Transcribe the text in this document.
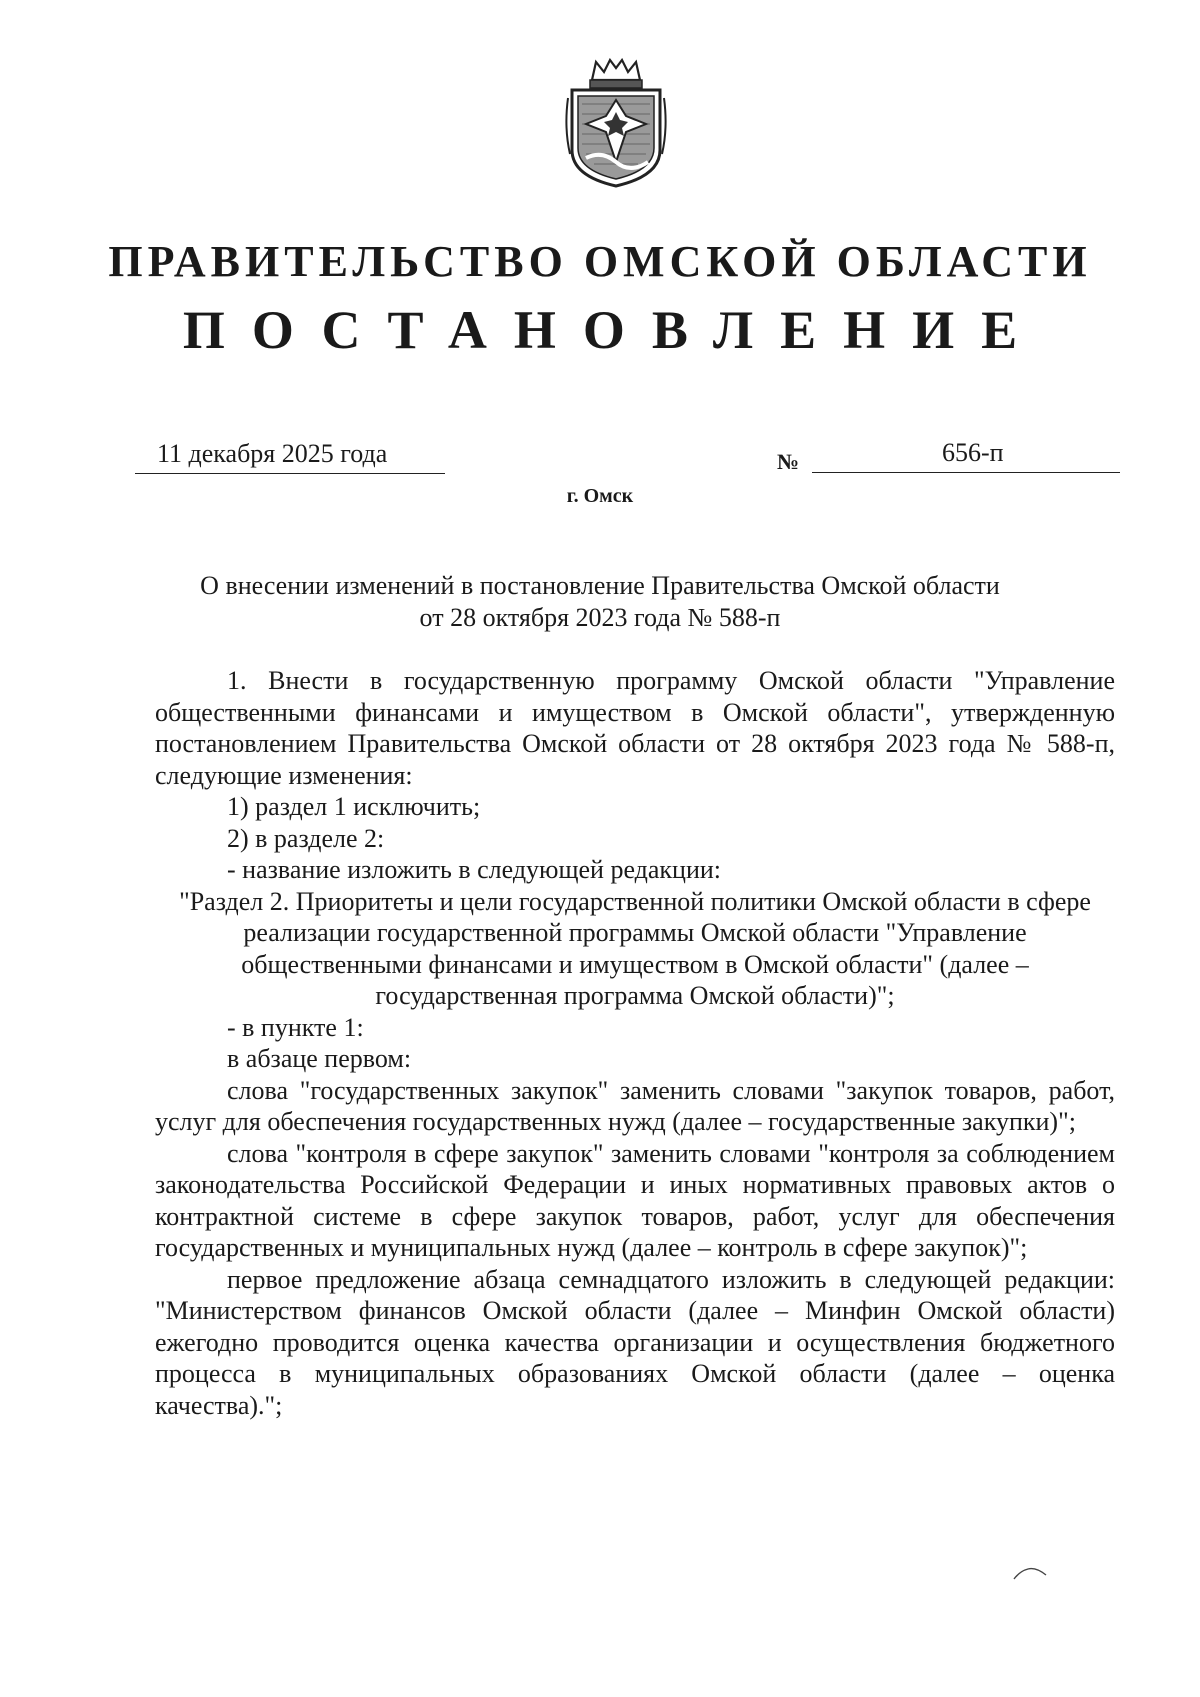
ПРАВИТЕЛЬСТВО ОМСКОЙ ОБЛАСТИ
ПОСТАНОВЛЕНИЕ
11 декабря 2025 года	№	656-п
г. Омск
О внесении изменений в постановление Правительства Омской области
от 28 октября 2023 года № 588-п

1. Внести в государственную программу Омской области "Управление общественными финансами и имуществом в Омской области", утвержденную постановлением Правительства Омской области от 28 октября 2023 года № 588-п, следующие изменения:

1) раздел 1 исключить;

2) в разделе 2:

- название изложить в следующей редакции:

"Раздел 2. Приоритеты и цели государственной политики Омской области в сфере реализации государственной программы Омской области "Управление общественными финансами и имуществом в Омской области" (далее – государственная программа Омской области)";

- в пункте 1:

в абзаце первом:

слова "государственных закупок" заменить словами "закупок товаров, работ, услуг для обеспечения государственных нужд (далее – государственные закупки)";

слова "контроля в сфере закупок" заменить словами "контроля за соблюдением законодательства Российской Федерации и иных нормативных правовых актов о контрактной системе в сфере закупок товаров, работ, услуг для обеспечения государственных и муниципальных нужд (далее – контроль в сфере закупок)";

первое предложение абзаца семнадцатого изложить в следующей редакции: "Министерством финансов Омской области (далее – Минфин Омской области) ежегодно проводится оценка качества организации и осуществления бюджетного процесса в муниципальных образованиях Омской области (далее – оценка качества).";
